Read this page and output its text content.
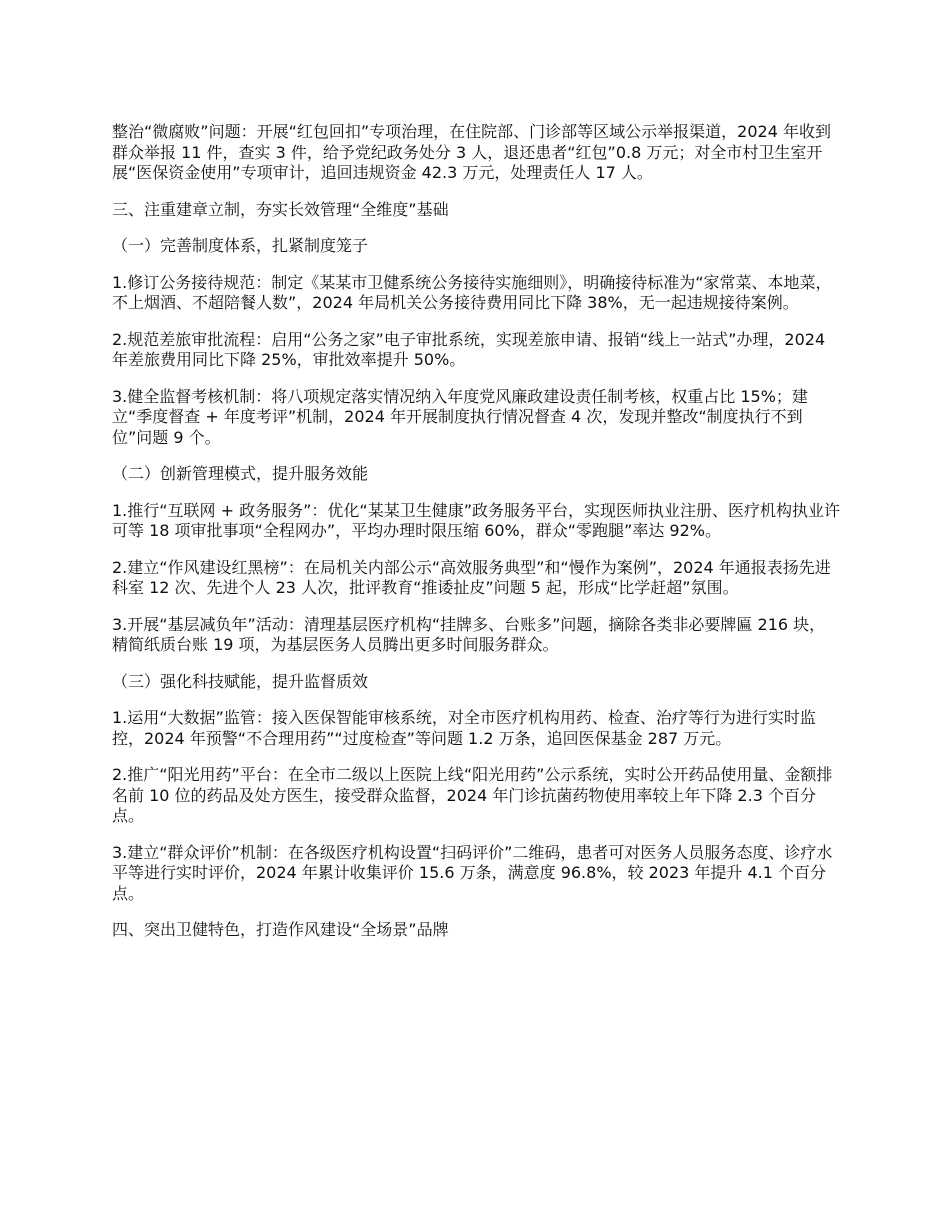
整治“微腐败”问题：开展“红包回扣”专项治理，在住院部、门诊部等区域公示举报渠道，2024 年收到群众举报 11 件，查实 3 件，给予党纪政务处分 3 人，退还患者“红包”0.8 万元；对全市村卫生室开展“医保资金使用”专项审计，追回违规资金 42.3 万元，处理责任人 17 人。

三、注重建章立制，夯实长效管理“全维度”基础

（一）完善制度体系，扎紧制度笼子

1.修订公务接待规范：制定《某某市卫健系统公务接待实施细则》，明确接待标准为“家常菜、本地菜，不上烟酒、不超陪餐人数”，2024 年局机关公务接待费用同比下降 38%，无一起违规接待案例。

2.规范差旅审批流程：启用“公务之家”电子审批系统，实现差旅申请、报销“线上一站式”办理，2024 年差旅费用同比下降 25%，审批效率提升 50%。

3.健全监督考核机制：将八项规定落实情况纳入年度党风廉政建设责任制考核，权重占比 15%；建立“季度督查 + 年度考评”机制，2024 年开展制度执行情况督查 4 次，发现并整改“制度执行不到位”问题 9 个。

（二）创新管理模式，提升服务效能

1.推行“互联网 + 政务服务”：优化“某某卫生健康”政务服务平台，实现医师执业注册、医疗机构执业许可等 18 项审批事项“全程网办”，平均办理时限压缩 60%，群众“零跑腿”率达 92%。

2.建立“作风建设红黑榜”：在局机关内部公示“高效服务典型”和“慢作为案例”，2024 年通报表扬先进科室 12 次、先进个人 23 人次，批评教育“推诿扯皮”问题 5 起，形成“比学赶超”氛围。

3.开展“基层减负年”活动：清理基层医疗机构“挂牌多、台账多”问题，摘除各类非必要牌匾 216 块，精简纸质台账 19 项，为基层医务人员腾出更多时间服务群众。

（三）强化科技赋能，提升监督质效

1.运用“大数据”监管：接入医保智能审核系统，对全市医疗机构用药、检查、治疗等行为进行实时监控，2024 年预警“不合理用药”“过度检查”等问题 1.2 万条，追回医保基金 287 万元。

2.推广“阳光用药”平台：在全市二级以上医院上线“阳光用药”公示系统，实时公开药品使用量、金额排名前 10 位的药品及处方医生，接受群众监督，2024 年门诊抗菌药物使用率较上年下降 2.3 个百分点。

3.建立“群众评价”机制：在各级医疗机构设置“扫码评价”二维码，患者可对医务人员服务态度、诊疗水平等进行实时评价，2024 年累计收集评价 15.6 万条，满意度 96.8%，较 2023 年提升 4.1 个百分点。

四、突出卫健特色，打造作风建设“全场景”品牌
